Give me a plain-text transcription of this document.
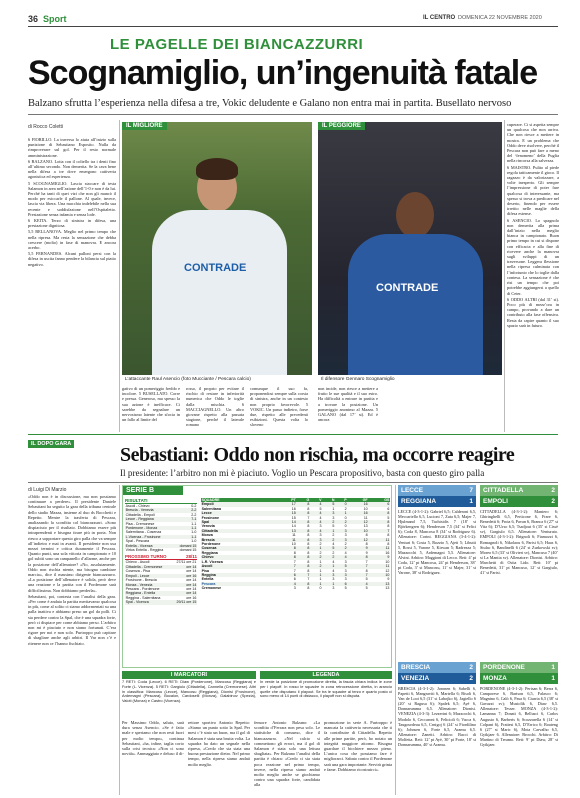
36 Sport	IL CENTRO DOMENICA 22 NOVEMBRE 2020
LE PAGELLE DEI BIANCAZZURRI
Scognamiglio, un’ingenuità fatale
Balzano sfrutta l’esperienza nella difesa a tre, Vokic deludente e Galano non entra mai in partita. Busellato nervoso
di Rocco Coletti

6 FIORILLO. La traversa lo aiuta all’inizio sulla punizione di Sebastiano Esposito. Nulla da rimproverare sul gol. Per il resto normale amministrazione.

6 BALZANO. Lotta con il coltello tra i denti fino all’ultimo secondo. Non demerita. Se la cava bene nella difesa a tre dove emergono cattiveria agonistica ed esperienza.

5 SCOGNAMIGLIO. Lascia staccare di testa Salamon in area nell’azione dell’1-0 e non è da lui. Perché ha tanti di quei vizi che non gli mancò il modo per esiccarle il pallone. Al quale, invece, lascia via libera. Una macchia indelebile nella sua recente e soddisfazione nell’Ospitaletto. Prestazione senza infamia e senza lode.

6 KEITA. Terzo di sinistra in difesa, una prestazione dignitosa.

5,5 BELLANOVA. Meglio nel primo tempo che nella ripresa. Ma resta la sensazione che debba crescere (molto) in fase di manovra. E ancora acerbo.

5,5 FERNANDES. Alcuni palloni persi con la difesa in uscita fanno pendere la bilancia sul piatto negativo.

IL MIGLIORE
CONTRADE
L’attaccante Raul Asencio (foto Mucciante / Pescara calcio)
IL PEGGIORE
CONTRADE
Il difensore Gennaro Scognamiglio
gativo di un pomeriggio freddo e incolore. 5 BUSELLATO. Corre e pressa. Generoso, ma spesso la sua azione è inefficace. Ci sarebbe da segnalare un nervosismo latente che sfocia in un fallo al limite del
rosso, il proprio per evitare il rischio di restare in inferiorità numerica che Oddo le toglie dalla mischia. 6 MACCIAGNELLO. Un altro giovane rispetto alla passata stagione, perché il laterale romano
comunque il suo fa, proponendosi sempre sulla corsia di sinistra, anche in un contesto non proprio favorevole. 5 VOKIC. Un passo indietro, forse due, rispetto alle precedenti esibizioni. Questa volta lo sloveno
non incide, non riesce a mettere a frutto le sue qualità e il suo estro. Ha difficoltà a entrare in partita e a trovare la posizione. Un pomeriggio anonimo al Mazza. 5 GALANO (dal 17’ st). Ed è ancora

cuperare. Ci si aspetta sempre un qualcosa che non arriva. Che non riesce a mettere in mostra. E un problema che Oddo deve risolvere, perché il Pescara non può fare a meno del ‘fenomeno’ della Puglia nella rincorsa alla salvezza.

6 MAISTRO. Pulito al piede regola tatticamente il gioco. Il ragazzo è da valorizzare, a volte inesperto. Gli sempre l’impressione di poter fare qualcosa di interessante, ma spesso si trova a predicare nel deserto, finendo per essere irretito nelle maglie della difesa estense.

6 ASENCIO. Lo spagnolo non demerita alla prima dall’inizio nella meglio bianca in campionato. Buon primo tempo in cui si dispone con efficacia e alla fine di ricevere anche la manovra sugli sviluppi di un traversone. Leggera flessione nella ripresa culminata con l’infortunio che lo toglie dalla contesa. La sensazione è che risi un tempo che poi potrebbe aggiungersi a quello di Ceter.

6 ODDO ALTRI (dal 31’ st). Poco più di mezz’ora in campo, provando a dare un contributo alla fase offensiva. Resta da capire quanto il suo spazio sarà in futuro.

IL DOPO GARA Sebastiani: Oddo non rischia, ma occorre reagire
Il presidente: l’arbitro non mi è piaciuto. Voglio un Pescara propositivo, basta con questo giro palla
di Luigi Di Marzio

«Oddo non è in discussione, ma non possiamo continuare a perdere». Il presidente Daniele Sebastiani ha seguito la gara della tribuna centrale dello stadio Mazza, insieme al duo ds Bocchetti e Repetto. Mentre la trasferta di Pescara, analizzando la sconfitta col biancazzurri. «Sono dispiaciuto per il risultato. Dobbiamo essere più intraprendenti e bisogna tirare più in porta. Non riesco a sopportare questo giro palla che va sempre all’indietro e mai in avanti. Il presidente non usa mezzi termini e critica duramente il Pescara. Quanto punti, una sola vittoria in campionato e 10 gol subiti sono un campanello d’allarme, anche per la posizione dell’allenatore? «No, assolutamente. Oddo non rischia niente, ma bisogna cambiare marcia», dice il massimo dirigente biancazzurro. «La posizione dell’allenatore è solida, però deve una reazione e la partita con il Pordenone sarà difficilissima. Non dobbiamo perderla».

Sebastiani, poi, contesta con l’analisi della gara. «Per come è andata la partita meritavamo qualcosa in più, come al solito ci siamo addormentati su una palla inattiva e abbiamo preso un gol da polli. Ci sta perdere contro la Spal, che è una squadra forte, però ci dispiace per come abbiamo perso. L’arbitro non mi è piaciuto e non siamo fortunati. C’era rigore per noi e non solo. Purtroppo può capitare di sbagliare anche agli arbitri. Il Var non c’è e ritenere non ce l’hanno fischiato.

SERIE B
RISULTATI
Ascoli - Chievo	0-2
Brescia - Venezia	2-2
Cittadella - Empoli	2-2
Lecce - Reggiana	7-1
Pisa - Cremonese	1-1
Pordenone - Monza	1-1
Salernitana - Cosenza	1-0
L.Vicenza - Frosinone	1-1
Spal - Pescara	1-0
Entella - Vicenza	domani 15
Virtus Entella - Reggina	domani 15
PROSSIMO TURNO	28/11
Chievo - Ascoli	27/11 ore 21
Cittadella - Cremonese	ore 14
Cosenza - Pisa	ore 14
Empoli - Lecce	ore 16
Frosinone - Brescia	ore 14
Monza - Venezia	ore 14
Pescara - Pordenone	ore 14
Reggiana - Entella	ore 14
Reggina - Salernitana	ore 16
Spal - Vicenza	29/11 ore 15
SQUADRE	PT	G	V	N	P	GF	GS
Empoli	17	8	4	5	0	16	6
Salernitana	16	8	5	1	2	10	6
Lecce	15	8	4	3	1	16	8
Frosinone	15	7	4	3	0	11	5
Spal	14	8	4	2	2	12	8
Venezia	14	8	3	5	0	13	8
Cittadella	13	8	4	1	3	10	7
Monza	11	8	3	2	3	8	8
Brescia	11	8	3	2	3	12	11
Pordenone	10	8	2	4	2	8	8
Cosenza	8	8	1	5	2	9	11
Reggiana	8	8	2	2	4	9	16
Chievo	8	8	2	2	4	8	9
L.R. Vicenza	7	8	1	4	3	7	10
Ascoli	7	8	2	1	5	7	11
Pisa	7	8	1	4	3	8	12
Reggina	6	7	1	3	3	7	10
Entella	6	7	1	3	3	5	9
Pescara	4	8	1	1	6	4	13
Cremonese	3	8	0	3	5	5	13
I MARCATORI
7 RETI: Coda (Lecce). 6 RETI: Diaw (Pordenone), Mancosu (Reggiana) e Forte (L. Vicenza). 5 RETI: Gargiulo (Cittadella), Cannella (Cremonese). Altri in classifica: Mancosu (Lecce), Mancosu (Reggiana), Dionisi (Frosinone), Ardemagni (Pescara), Bocalon, Cardoselli (Monza), Galabinov (Spezia), Valoti (Monza) e Castro (Vicenza).
LEGENDA
In verde la posizione di promozione diretta, la fascia chiara indica le zone per i playoff. In rosso le squadre in zona retrocessione diretta, in arancio quelle che disputano il playout. Se tra le squadre al terzo e quarto posto ci sono meno di 14 punti di distacco, il playoff non si disputa.
Per Massimo Oddo, saluto, sarà dura senza Asencio. «Se è fatto male e speriamo che non resti fuori per molto tempo», continua Sebastiani, «ha, infine, taglia corto sulla crisi tecnica: «Non ci sono novità». Ammaggiato e deluso il di-
rettore sportivo Antonio Repetto: «Siamo un punto sotto la Spal. Per mesi c’è stato un buon, ma il gol di Salamon è stata una brutta volta. La squadra ha dato un segnale nella ripresa, «Credo che sia stata una buona prestazione dietro. Nel primo tempo, nella ripresa siamo andati molto meglio.
fensore Antonio Balzano: «La sconfitta d’Ferrara non pesa solo. Le statistiche di consumo, dice il biancazzurro. «Nel calcio si commettono gli errori, ma il gol di Salamon è stata solo una lettura sbagliata». Per Balzano l’analisi della partita è chiara: «Credo ci sia stata poca reazione nel primo tempo, invece, nella ripresa siamo andati molto meglio anche se giochiamo contro una squadra forte, candidata alla
promozione in serie A. Purtroppo è mancata la cattiveria necessaria che ti fa contribuire di Cittadella. Repetto alle prime partite, però, ho notato un integrità maggiore attorno. Bisogna guardare il bicchiere mezzo pieno. L’unica cosa che possiamo fare è migliorarci. Sabato contro il Pordenone sarà una gara importante. Servirà grinta e fame. Dobbiamo ricostruirci».
LECCE	7
REGGIANA	1
LECCE (4-3-1-2): Gabriel 6,5; Calderoni 6,5, Meccariello 6,5, Lucioni 7, Zuta 6,5; Majer 7, Hjulmand 7,5, Tachtsidis 7 (18’ st Björkengren 6); Henderson 7,5 (34’ st Felici 6); Coda 8, Mancosu 8 (34’ st Rodriguez 6). Allenatore: Corini. REGGIANA (3-4-1-2): Venturi 6; Costa 5, Rozzio 5, Ajeti 5; Libutti 5, Rossi 5, Varone 5, Kirwan 5; Radrezza 5; Mazzocchi 5, Ardemagni 5,5. Allenatore: Alvini. Arbitro: Maggioni di Lecco. Reti: 4’ pt Coda, 12’ pt Mancosu, 24’ pt Henderson, 38’ pt Coda, 3’ st Mancosu, 11’ st Majer, 31’ st Varone, 38’ st Rodriguez.
CITTADELLA	2
EMPOLI	2
CITTADELLA (4-3-1-2): Maniero 6; Ghiringhelli 6,5, Perticone 6, Frare 6, Benedetti 6; Proia 6, Pavan 6, Branca 6 (27’ st Vita 6); D’Urso 6,5; Tsadjout 6 (35’ st Cissè sv), Gargiulo 6,5. Allenatore: Venturato. EMPOLI (4-3-1-2): Brignoli 6; Fiamozzi 6, Romagnoli 6, Nikolaou 6, Parisi 6,5; Haas 6, Stulac 6, Bandinelli 6 (24’ st Zurkowski sv); Moreo 6,5 (33’ st Olivieri sv), Mancuso 7 (40’ st La Mantia sv). Allenatore: Dionisi. Arbitro: Marchetti di Ostia Lido. Reti: 10’ pt Benedetti, 31’ pt Mancuso, 12’ st Gargiulo, 41’ st Parisi.
BRESCIA	2
VENEZIA	2
BRESCIA (4-3-1-2): Joronen 6; Sabelli 6, Papetti 6, Mangraviti 6, Martella 6; Bisoli 6, Van de Looi 6,5 (31’ st Labojko 6), Jagiello 6 (20’ st Ragusa 6); Spalek 6,5; Ayè 6, Donnarumma 6,5. Allenatore: Dionisi. VENEZIA (4-3-3): Lezzerini 6; Mazzocchi 6, Modolo 6, Ceccaroni 6, Felicioli 6; Vacca 6, Taugourdeau 6,5, Crnigoj 6 (24’ st Fiordilino 6); Johnsen 6, Forte 6,5, Aramu 6,5. Allenatore: Zanetti. Arbitro: Bacci di Molfetta. Reti: 12’ pt Ayè, 30’ pt Forte, 18’ st Donnarumma, 40’ st Aramu.
PORDENONE	1
MONZA	1
PORDENONE (4-3-1-2): Perisan 6; Berra 6, Camporese 6, Barison 6,5, Falasco 6; Magnino 6, Calò 6, Pasa 6; Ciurria 6,5 (38’ st Gavazzi sv); Musiolik 6, Diaw 6,5. Allenatore: Tesser. MONZA (4-3-1-2): Lamanna 7; Donati 6, Bellusci 6, Carlos Augusto 6, Barberis 6; Scozzarella 6 (14’ st Colpani 6), Frattesi 6,5, D’Errico 6; Boateng 6 (27’ st Maric 6), Mota Carvalho 6,5, Gytkjaer 6. Allenatore: Brocchi. Arbitro: Di Martino di Teramo. Reti: 9’ pt Diaw, 28’ st Gytkjaer.
